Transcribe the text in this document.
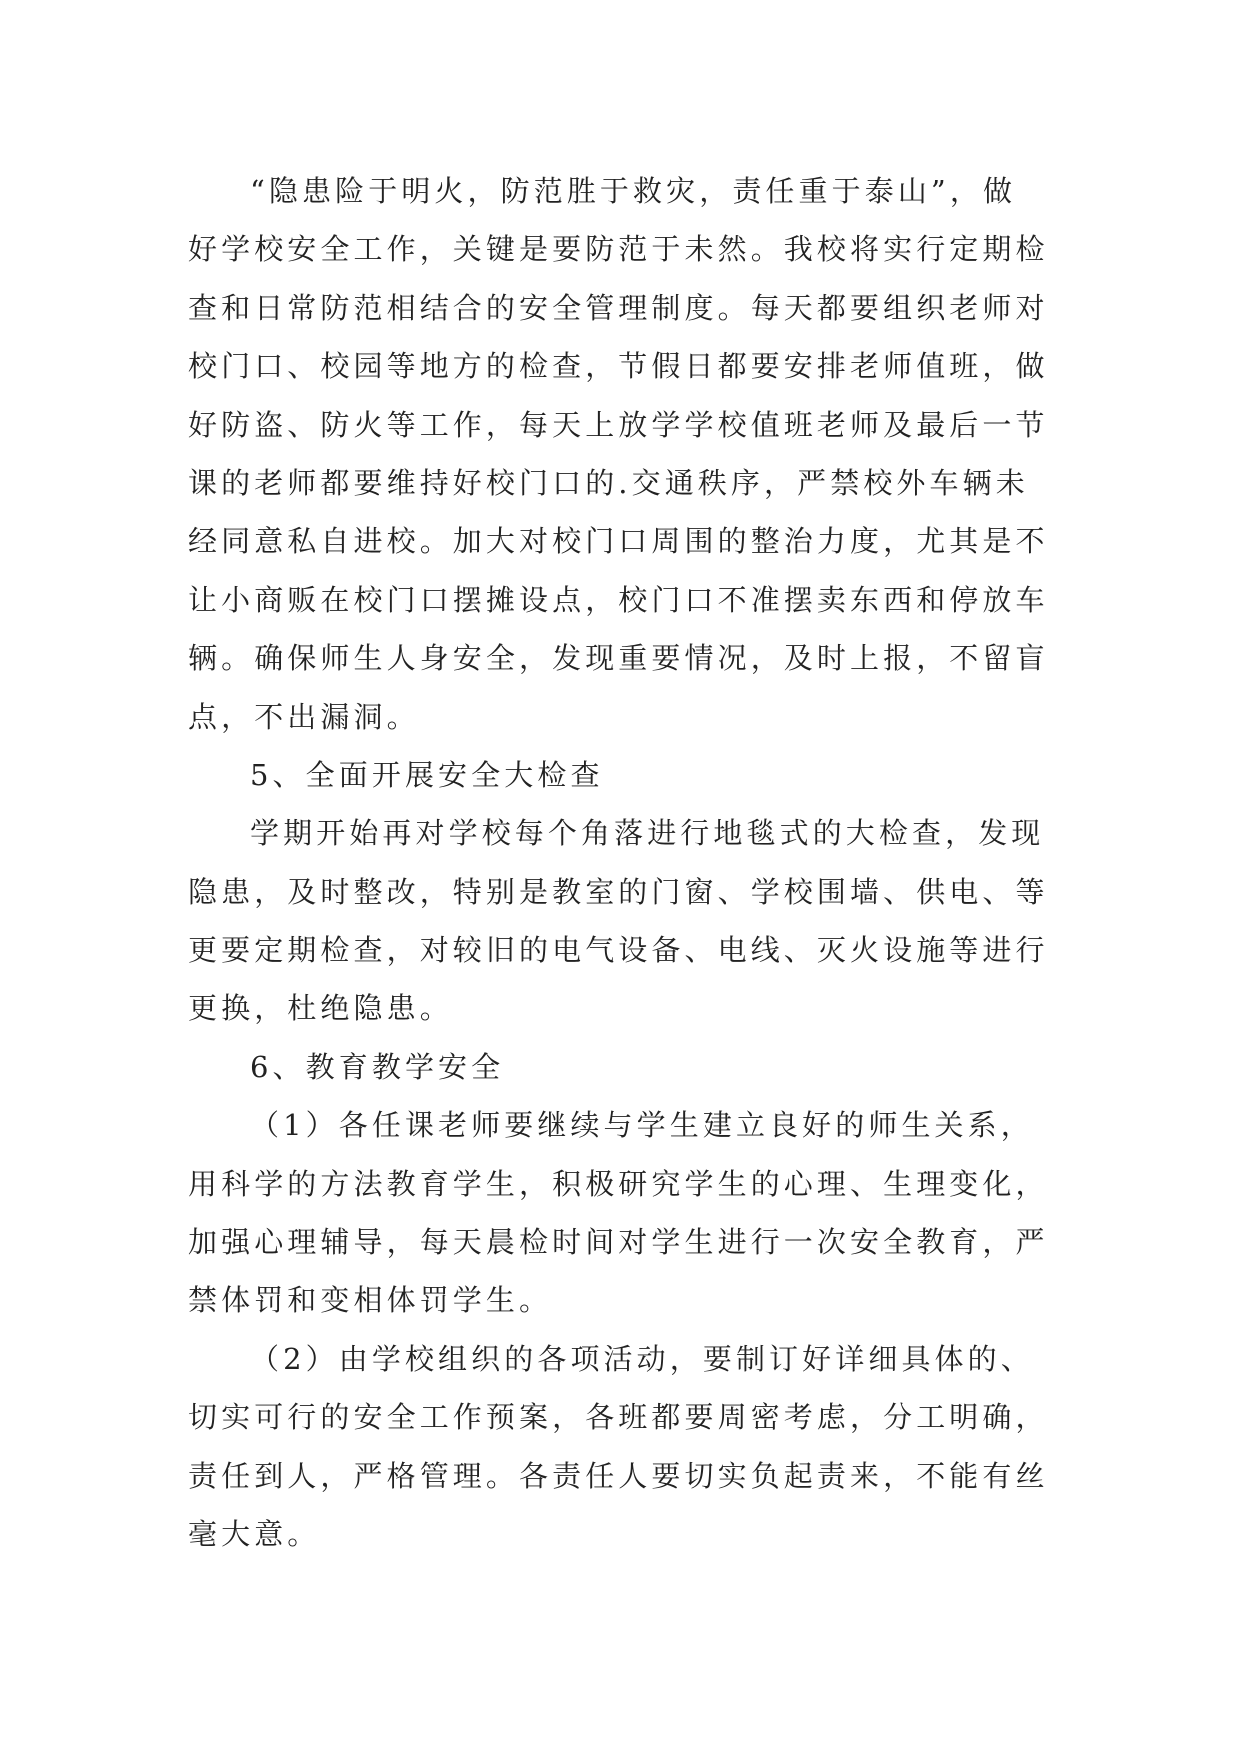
“隐患险于明火，防范胜于救灾，责任重于泰山”，做
好学校安全工作，关键是要防范于未然。我校将实行定期检
查和日常防范相结合的安全管理制度。每天都要组织老师对
校门口、校园等地方的检查，节假日都要安排老师值班，做
好防盗、防火等工作，每天上放学学校值班老师及最后一节
课的老师都要维持好校门口的.交通秩序，严禁校外车辆未
经同意私自进校。加大对校门口周围的整治力度，尤其是不
让小商贩在校门口摆摊设点，校门口不准摆卖东西和停放车
辆。确保师生人身安全，发现重要情况，及时上报，不留盲
点，不出漏洞。
5、全面开展安全大检查
学期开始再对学校每个角落进行地毯式的大检查，发现
隐患，及时整改，特别是教室的门窗、学校围墙、供电、等
更要定期检查，对较旧的电气设备、电线、灭火设施等进行
更换，杜绝隐患。
6、教育教学安全
（1）各任课老师要继续与学生建立良好的师生关系，
用科学的方法教育学生，积极研究学生的心理、生理变化，
加强心理辅导，每天晨检时间对学生进行一次安全教育，严
禁体罚和变相体罚学生。
（2）由学校组织的各项活动，要制订好详细具体的、
切实可行的安全工作预案，各班都要周密考虑，分工明确，
责任到人，严格管理。各责任人要切实负起责来，不能有丝
毫大意。
